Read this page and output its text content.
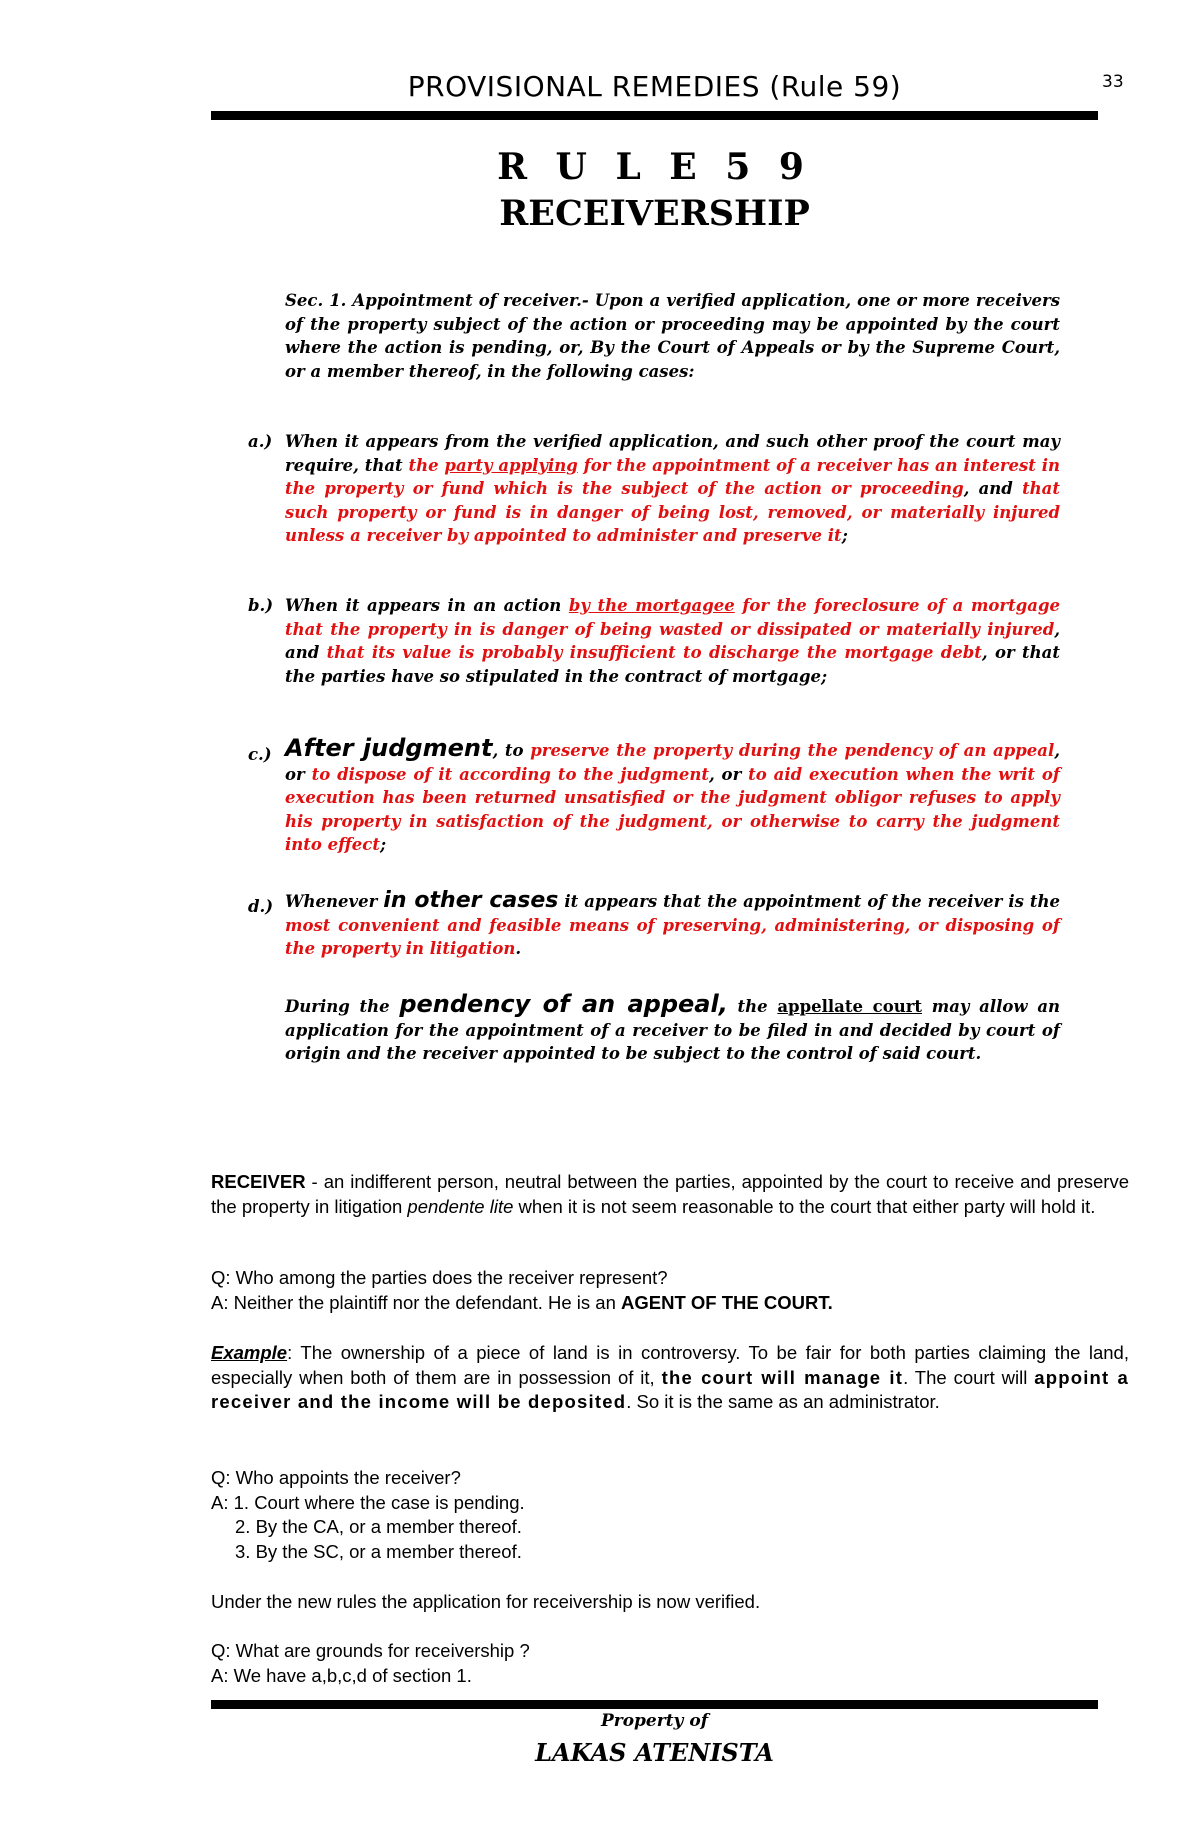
PROVISIONAL REMEDIES (Rule 59)	33
R U L E 5 9
RECEIVERSHIP
Sec. 1. Appointment of receiver.- Upon a verified application, one or more receivers of the property subject of the action or proceeding may be appointed by the court where the action is pending, or, By the Court of Appeals or by the Supreme Court, or a member thereof, in the following cases:
a.) When it appears from the verified application, and such other proof the court may require, that the party applying for the appointment of a receiver has an interest in the property or fund which is the subject of the action or proceeding, and that such property or fund is in danger of being lost, removed, or materially injured unless a receiver by appointed to administer and preserve it;
b.) When it appears in an action by the mortgagee for the foreclosure of a mortgage that the property in is danger of being wasted or dissipated or materially injured, and that its value is probably insufficient to discharge the mortgage debt, or that the parties have so stipulated in the contract of mortgage;
c.) After judgment, to preserve the property during the pendency of an appeal, or to dispose of it according to the judgment, or to aid execution when the writ of execution has been returned unsatisfied or the judgment obligor refuses to apply his property in satisfaction of the judgment, or otherwise to carry the judgment into effect;
d.) Whenever in other cases it appears that the appointment of the receiver is the most convenient and feasible means of preserving, administering, or disposing of the property in litigation.
During the pendency of an appeal, the appellate court may allow an application for the appointment of a receiver to be filed in and decided by court of origin and the receiver appointed to be subject to the control of said court.
RECEIVER - an indifferent person, neutral between the parties, appointed by the court to receive and preserve the property in litigation pendente lite when it is not seem reasonable to the court that either party will hold it.
Q: Who among the parties does the receiver represent?
A: Neither the plaintiff nor the defendant. He is an AGENT OF THE COURT.
Example: The ownership of a piece of land is in controversy. To be fair for both parties claiming the land, especially when both of them are in possession of it, the court will manage it. The court will appoint a receiver and the income will be deposited. So it is the same as an administrator.
Q: Who appoints the receiver?
A: 1. Court where the case is pending.
2. By the CA, or a member thereof.
3. By the SC, or a member thereof.
Under the new rules the application for receivership is now verified.
Q: What are grounds for receivership ?
A: We have a,b,c,d of section 1.
Property of
LAKAS ATENISTA
